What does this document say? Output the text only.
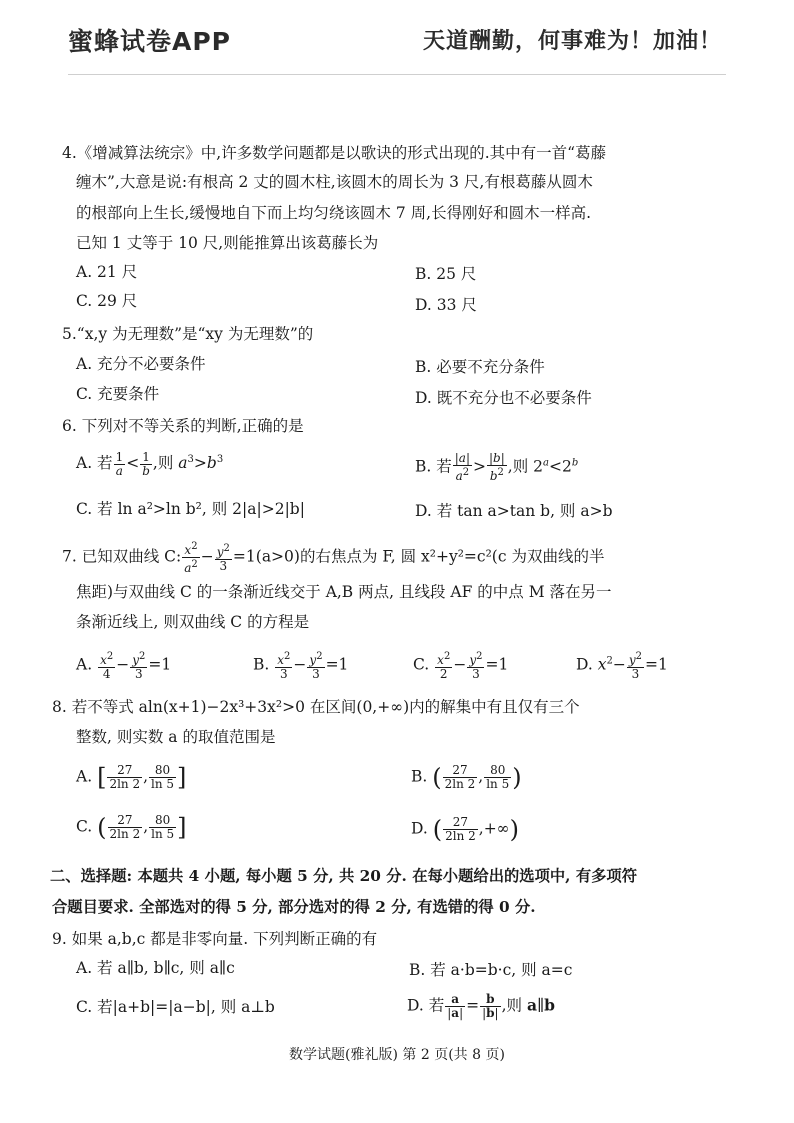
蜜蜂试卷APP	天道酬勤，何事难为！加油！
4.《增减算法统宗》中,许多数学问题都是以歌诀的形式出现的.其中有一首“葛藤
缠木”,大意是说:有根高 2 丈的圆木柱,该圆木的周长为 3 尺,有根葛藤从圆木
的根部向上生长,缓慢地自下而上均匀绕该圆木 7 周,长得刚好和圆木一样高.
已知 1 丈等于 10 尺,则能推算出该葛藤长为
A. 21 尺	B. 25 尺
C. 29 尺	D. 33 尺
5.“x,y 为无理数”是“xy 为无理数”的
A. 充分不必要条件	B. 必要不充分条件
C. 充要条件	D. 既不充分也不必要条件
6. 下列对不等关系的判断,正确的是
A. 若 $\frac{1}{a} < \frac{1}{b}$ ,则 $a^3>b^3$	B. 若 $\frac{|a|}{a^2} > \frac{|b|}{b^2}$ ,则 $2^a<2^b$
C. 若 ln a²>ln b², 则 2|a|>2|b|	D. 若 tan a>tan b, 则 a>b
7. 已知双曲线 C: $\frac{x^2}{a^2} - \frac{y^2}{3} =1(a>0)$的右焦点为 F, 圆 x²+y²=c²(c 为双曲线的半
焦距)与双曲线 C 的一条渐近线交于 A,B 两点, 且线段 AF 的中点 M 落在另一
条渐近线上, 则双曲线 C 的方程是
A. $\frac{x^2}{4} - \frac{y^2}{3} =1$	B. $\frac{x^2}{3} - \frac{y^2}{3} =1$	C. $\frac{x^2}{2} - \frac{y^2}{3} =1$	D. $x^2- \frac{y^2}{3} =1$
8. 若不等式 aln(x+1)−2x³+3x²>0 在区间(0,+∞)内的解集中有且仅有三个
整数, 则实数 a 的取值范围是
A. [ $\frac{27}{2\ln 2}$ , $\frac{80}{\ln 5}$ ]	B. ( $\frac{27}{2\ln 2}$ , $\frac{80}{\ln 5}$ )
C. ( $\frac{27}{2\ln 2}$ , $\frac{80}{\ln 5}$ ]	D. ( $\frac{27}{2\ln 2}$ ,+∞)
二、选择题: 本题共 4 小题, 每小题 5 分, 共 20 分. 在每小题给出的选项中, 有多项符
合题目要求. 全部选对的得 5 分, 部分选对的得 2 分, 有选错的得 0 分.
9. 如果 a,b,c 都是非零向量. 下列判断正确的有
A. 若 a∥b, b∥c, 则 a∥c	B. 若 a·b=b·c, 则 a=c
C. 若|a+b|=|a−b|, 则 a⊥b	D. 若 $\frac{a}{|a|} = \frac{b}{|b|}$ ,则 a∥b
数学试题(雅礼版) 第 2 页(共 8 页)
